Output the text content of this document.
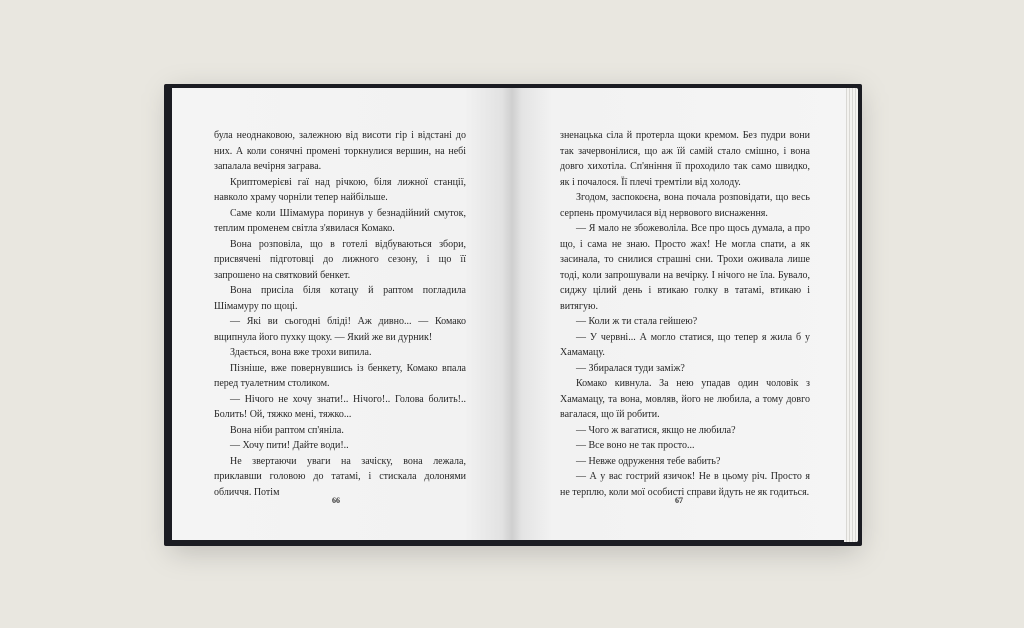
була неоднаковою, залежною від висоти гір і відстані до них. А коли сонячні промені торкнулися вершин, на небі запалала вечірня заграва.

Криптомерієві гаї над річкою, біля лижної станції, навколо храму чорніли тепер найбільше.

Саме коли Шімамура поринув у безнадійний смуток, теплим променем світла з'явилася Комако.

Вона розповіла, що в готелі відбуваються збори, присвячені підготовці до лижного сезону, і що її запрошено на святковий бенкет.

Вона присіла біля котацу й раптом погладила Шімамуру по щоці.

— Які ви сьогодні бліді! Аж дивно... — Комако вщипнула його пухку щоку. — Який же ви дурник!

Здається, вона вже трохи випила.

Пізніше, вже повернувшись із бенкету, Комако впала перед туалетним столиком.

— Нічого не хочу знати!.. Нічого!.. Голова болить!.. Болить! Ой, тяжко мені, тяжко...

Вона ніби раптом сп'яніла.

— Хочу пити! Дайте води!..

Не звертаючи уваги на зачіску, вона лежала, приклавши головою до татамі, і стискала долонями обличчя. Потім

66

зненацька сіла й протерла щоки кремом. Без пудри вони так зачервонілися, що аж їй самій стало смішно, і вона довго хихотіла. Сп'яніння її проходило так само швидко, як і почалося. Її плечі тремтіли від холоду.

Згодом, заспокоєна, вона почала розповідати, що весь серпень промучилася від нервового виснаження.

— Я мало не збожеволіла. Все про щось думала, а про що, і сама не знаю. Просто жах! Не могла спати, а як засинала, то снилися страшні сни. Трохи оживала лише тоді, коли запрошували на вечірку. І нічого не їла. Бувало, сиджу цілий день і втикаю голку в татамі, втикаю і витягую.

— Коли ж ти стала гейшею?

— У червні... А могло статися, що тепер я жила б у Хамамацу.

— Збиралася туди заміж?

Комако кивнула. За нею упадав один чоловік з Хамамацу, та вона, мовляв, його не любила, а тому довго вагалася, що їй робити.

— Чого ж вагатися, якщо не любила?

— Все воно не так просто...

— Невже одруження тебе вабить?

— А у вас гострий язичок! Не в цьому річ. Просто я не терплю, коли мої особисті справи йдуть не як годиться.

67
